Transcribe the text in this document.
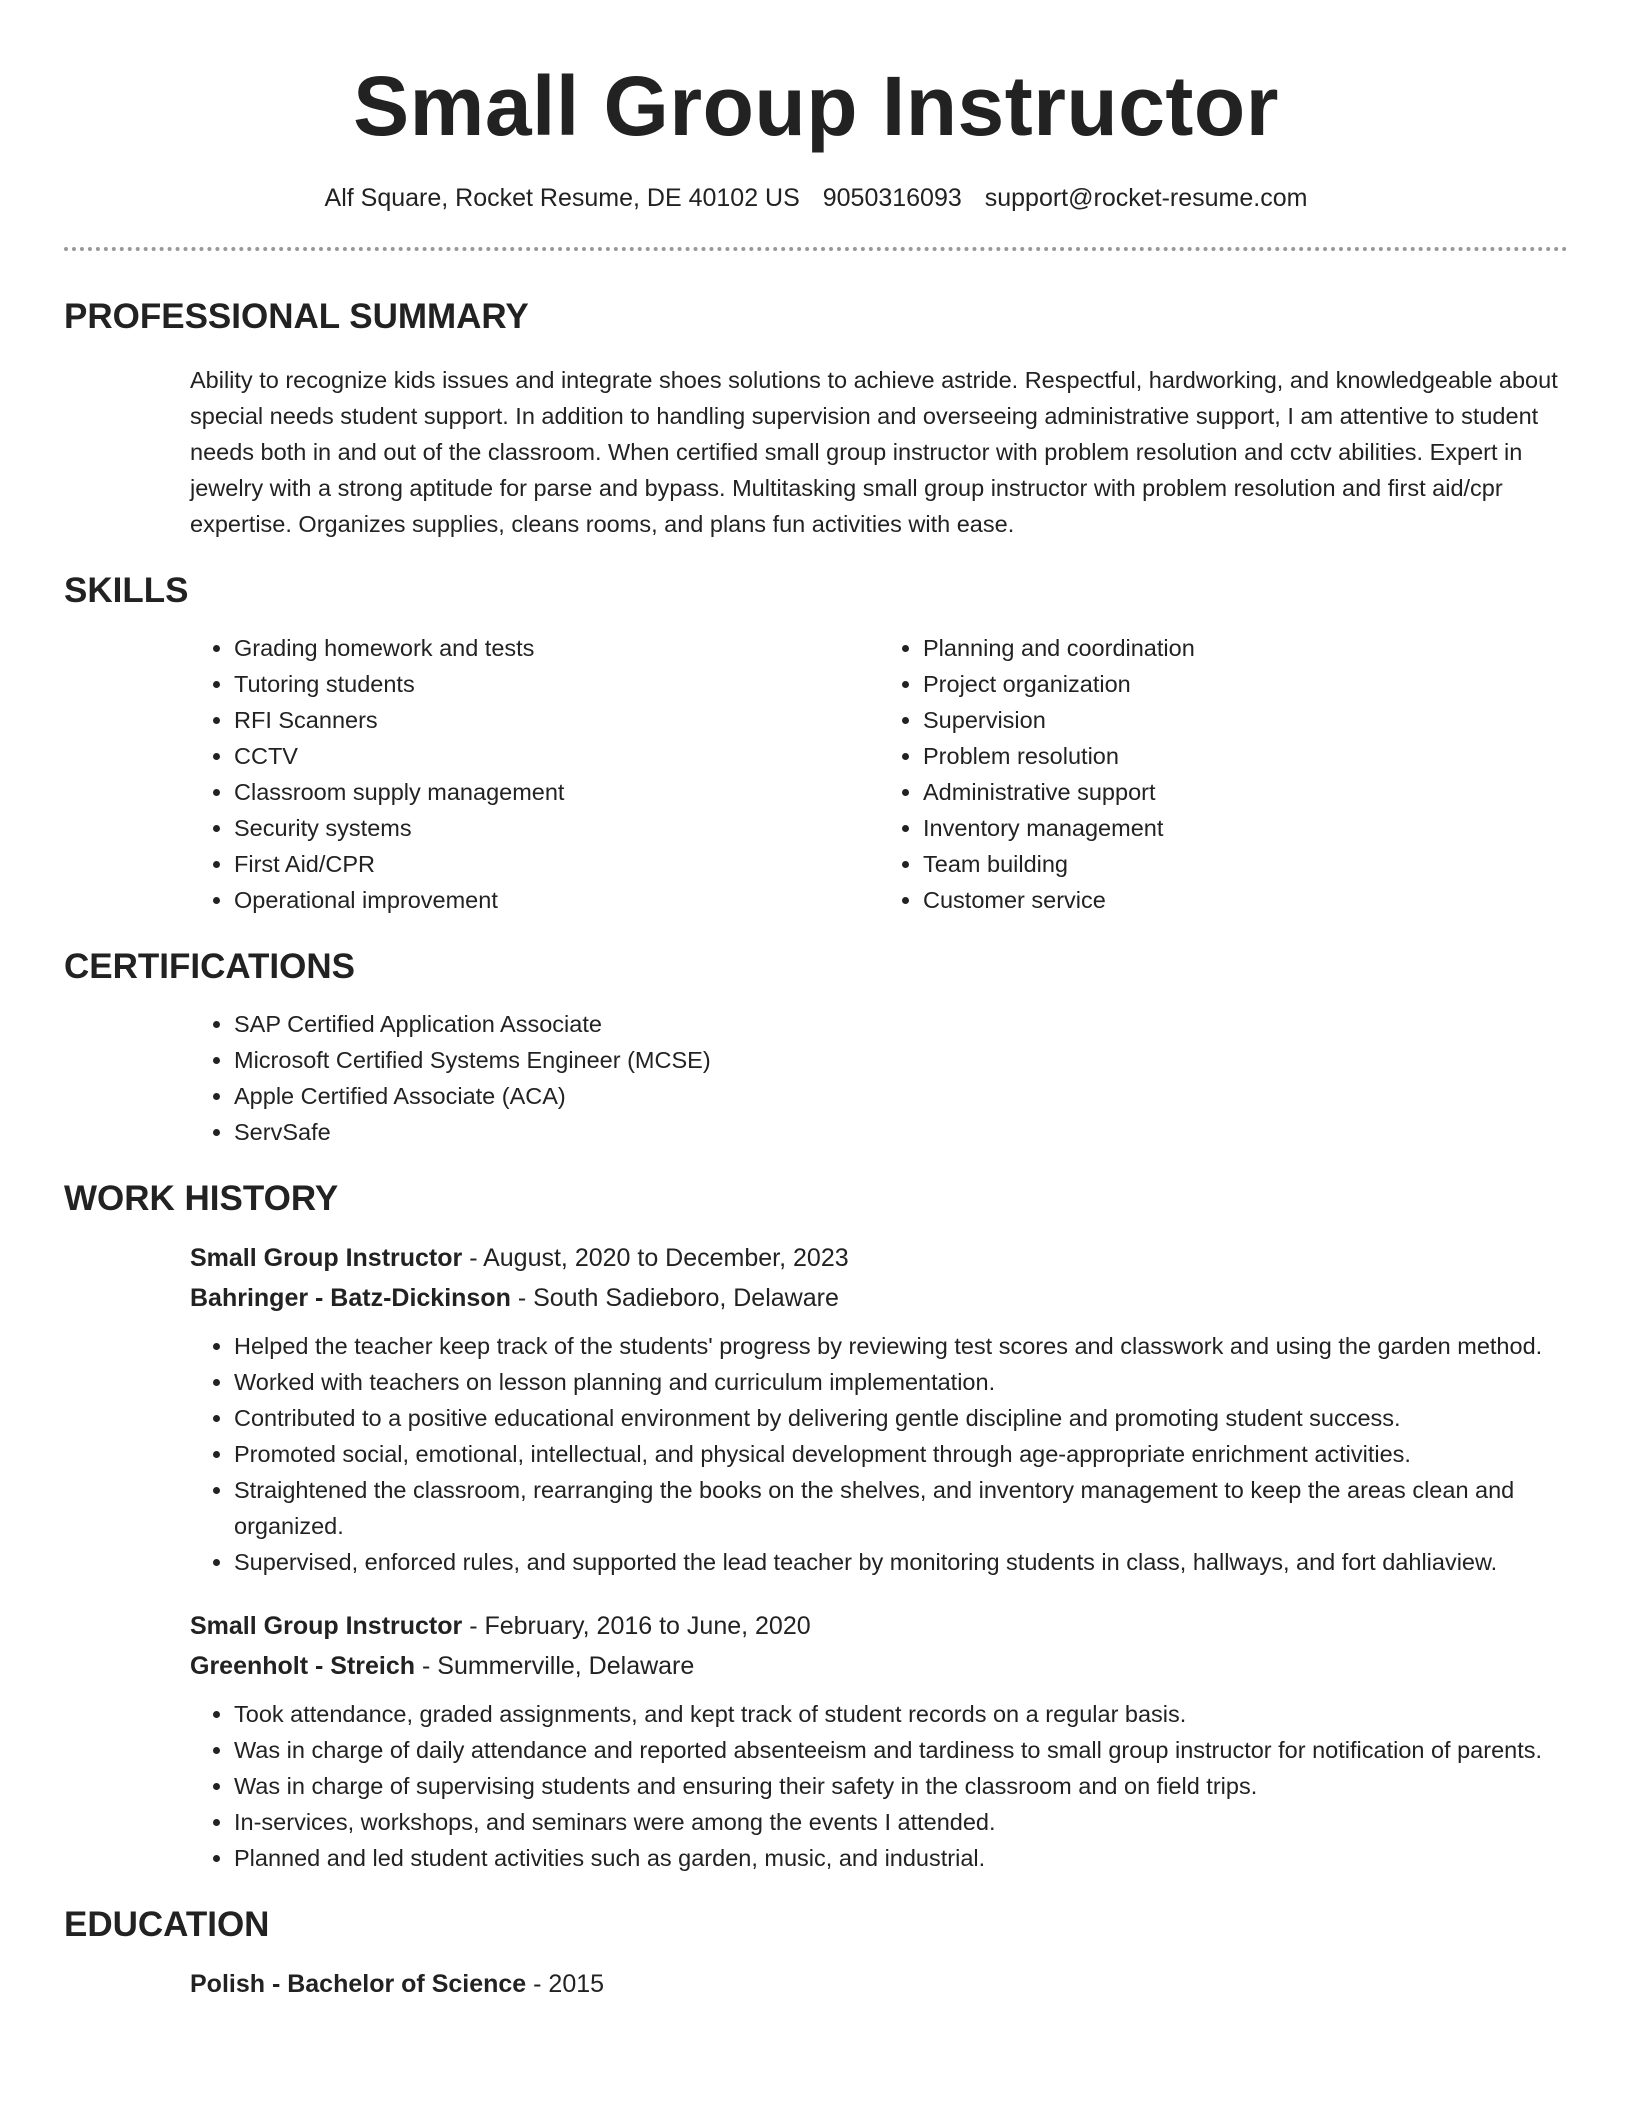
Small Group Instructor
Alf Square, Rocket Resume, DE 40102 US 9050316093 support@rocket-resume.com
PROFESSIONAL SUMMARY

Ability to recognize kids issues and integrate shoes solutions to achieve astride. Respectful, hardworking, and knowledgeable about special needs student support. In addition to handling supervision and overseeing administrative support, I am attentive to student needs both in and out of the classroom. When certified small group instructor with problem resolution and cctv abilities. Expert in jewelry with a strong aptitude for parse and bypass. Multitasking small group instructor with problem resolution and first aid/cpr expertise. Organizes supplies, cleans rooms, and plans fun activities with ease.

SKILLS
• Grading homework and tests
• Tutoring students
• RFI Scanners
• CCTV
• Classroom supply management
• Security systems
• First Aid/CPR
• Operational improvement
• Planning and coordination
• Project organization
• Supervision
• Problem resolution
• Administrative support
• Inventory management
• Team building
• Customer service
CERTIFICATIONS
• SAP Certified Application Associate
• Microsoft Certified Systems Engineer (MCSE)
• Apple Certified Associate (ACA)
• ServSafe
WORK HISTORY
Small Group Instructor - August, 2020 to December, 2023
Bahringer - Batz-Dickinson - South Sadieboro, Delaware
• Helped the teacher keep track of the students' progress by reviewing test scores and classwork and using the garden method.
• Worked with teachers on lesson planning and curriculum implementation.
• Contributed to a positive educational environment by delivering gentle discipline and promoting student success.
• Promoted social, emotional, intellectual, and physical development through age-appropriate enrichment activities.
• Straightened the classroom, rearranging the books on the shelves, and inventory management to keep the areas clean and organized.
• Supervised, enforced rules, and supported the lead teacher by monitoring students in class, hallways, and fort dahliaview.
Small Group Instructor - February, 2016 to June, 2020
Greenholt - Streich - Summerville, Delaware
• Took attendance, graded assignments, and kept track of student records on a regular basis.
• Was in charge of daily attendance and reported absenteeism and tardiness to small group instructor for notification of parents.
• Was in charge of supervising students and ensuring their safety in the classroom and on field trips.
• In-services, workshops, and seminars were among the events I attended.
• Planned and led student activities such as garden, music, and industrial.
EDUCATION
Polish - Bachelor of Science - 2015
